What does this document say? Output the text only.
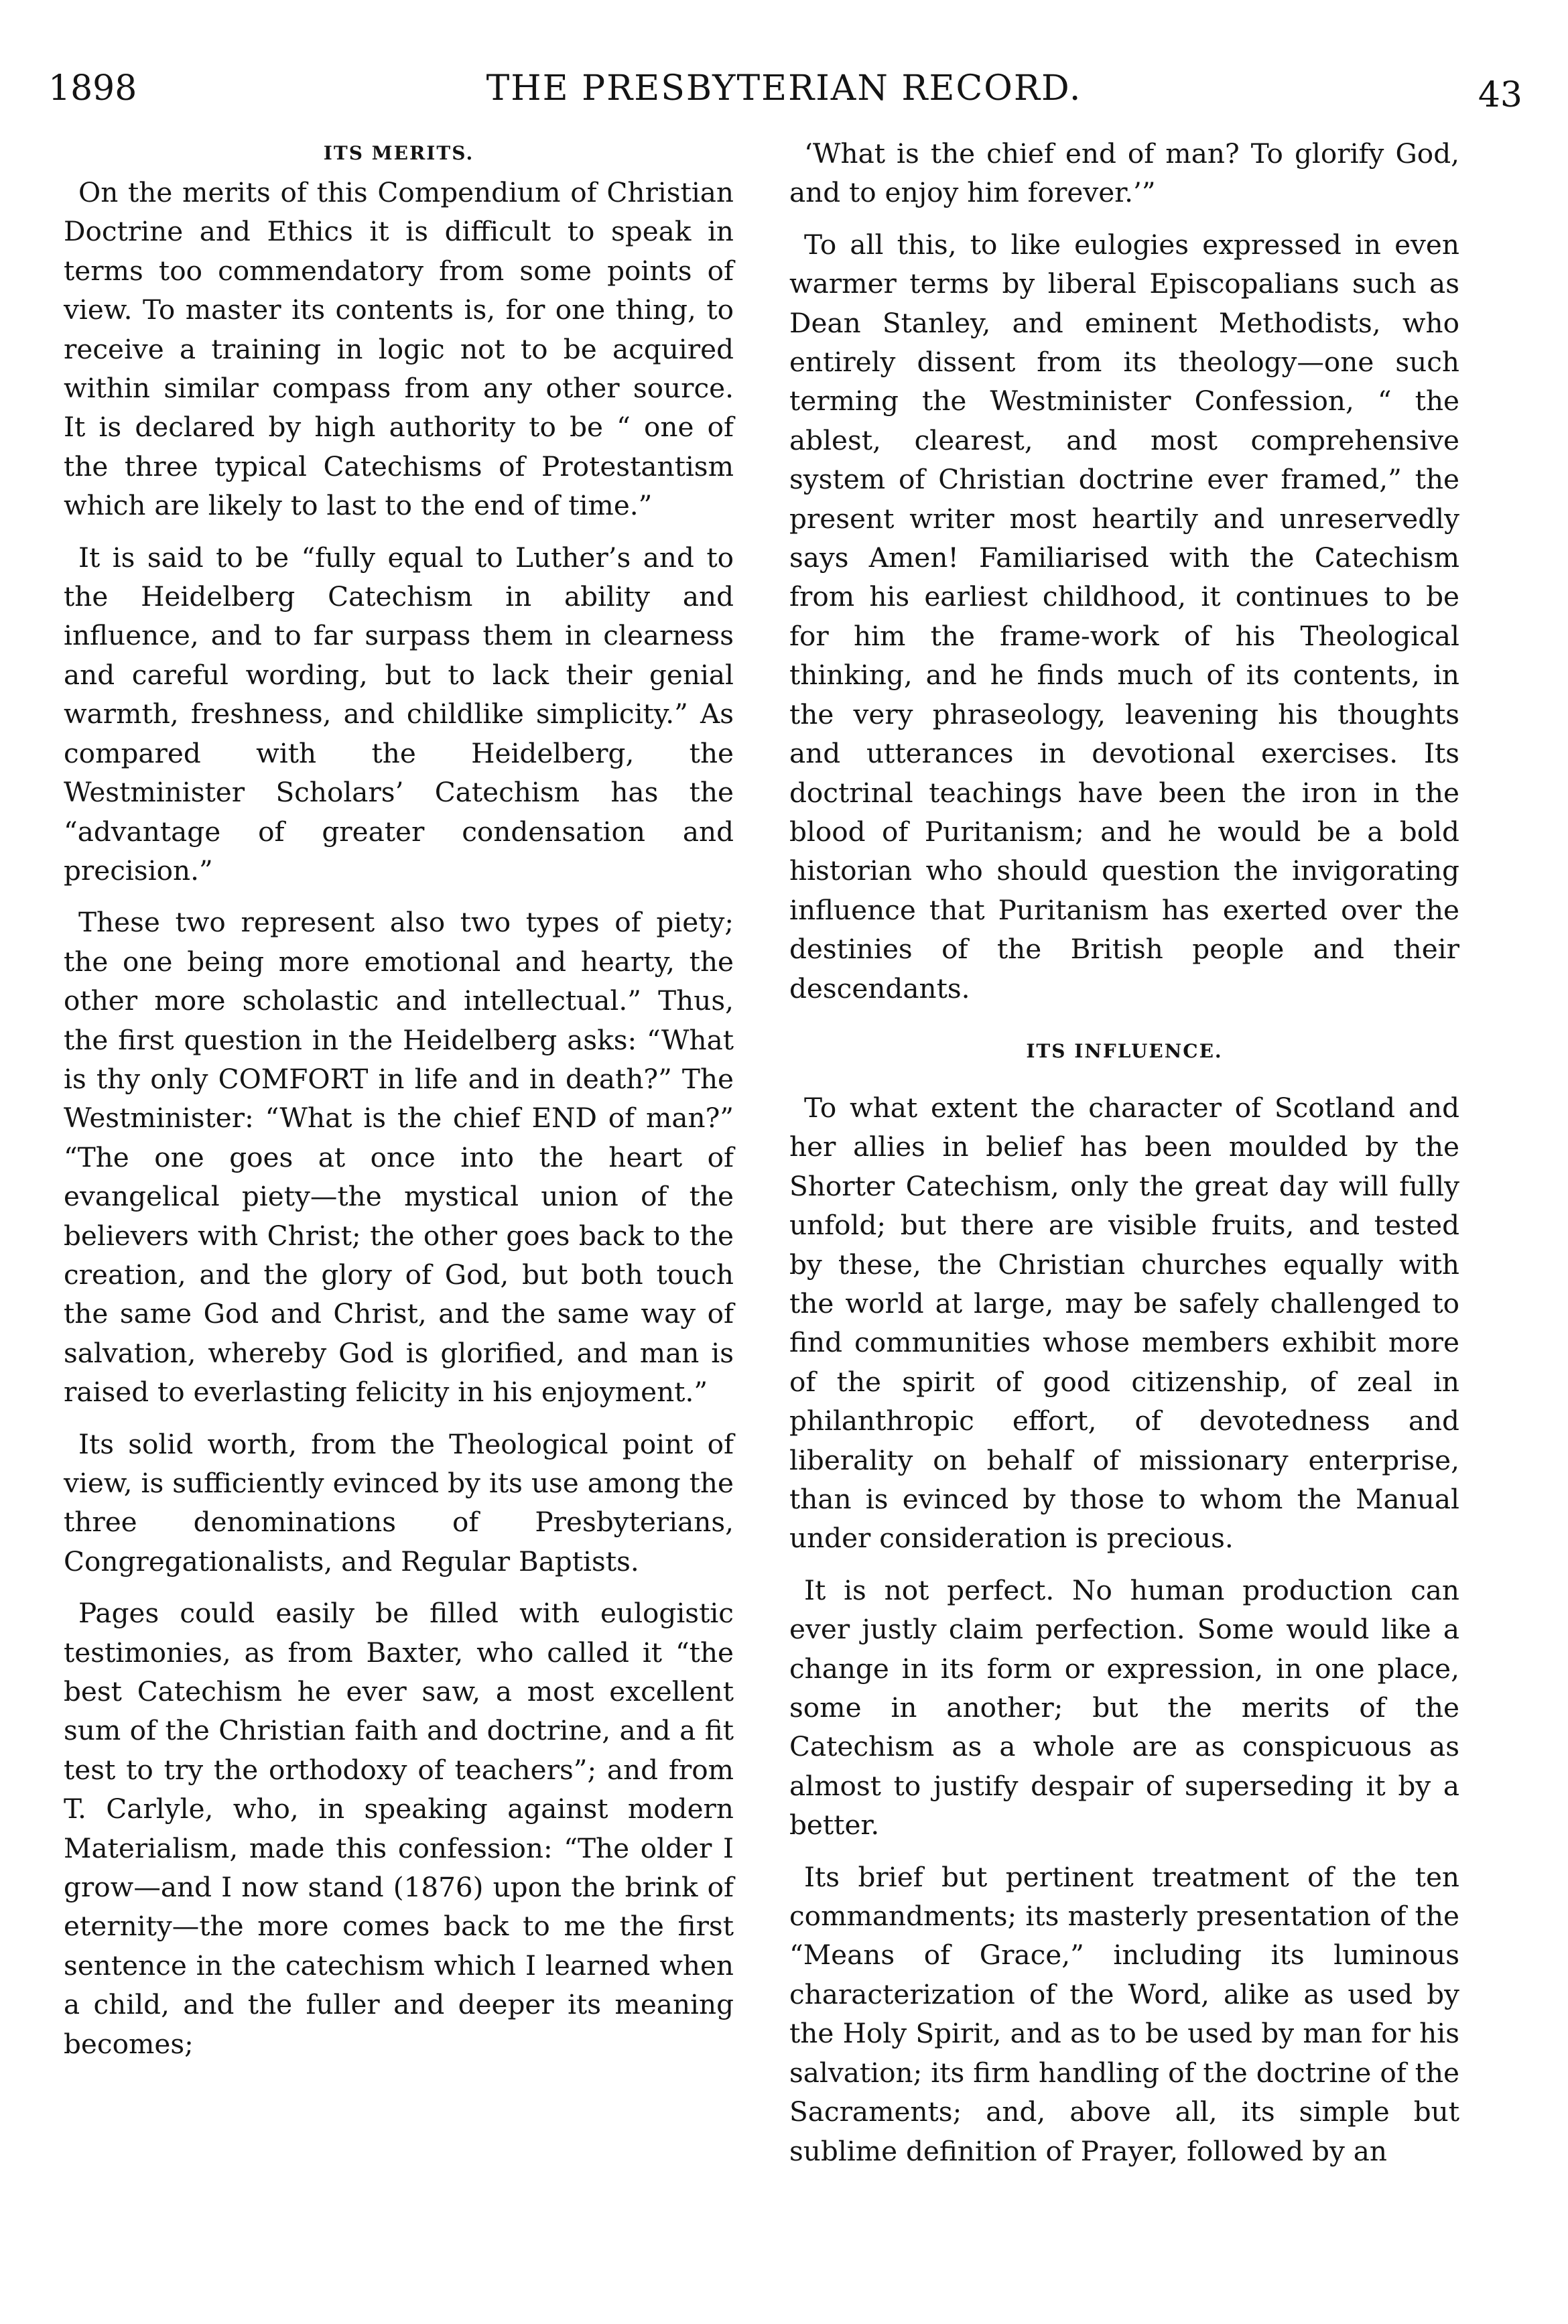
1898	THE PRESBYTERIAN RECORD.	43
ITS MERITS.

On the merits of this Compendium of Christian Doctrine and Ethics it is difficult to speak in terms too commendatory from some points of view. To master its contents is, for one thing, to receive a training in logic not to be acquired within similar compass from any other source. It is declared by high authority to be “ one of the three typical Catechisms of Protestantism which are likely to last to the end of time.”

It is said to be “fully equal to Luther’s and to the Heidelberg Catechism in ability and influence, and to far surpass them in clearness and careful wording, but to lack their genial warmth, freshness, and childlike simplicity.” As compared with the Heidelberg, the Westminister Scholars’ Catechism has the “advantage of greater condensation and precision.”

These two represent also two types of piety; the one being more emotional and hearty, the other more scholastic and intellectual.” Thus, the first question in the Heidelberg asks: “What is thy only COMFORT in life and in death?” The Westminister: “What is the chief END of man?” “The one goes at once into the heart of evangelical piety—the mystical union of the believers with Christ; the other goes back to the creation, and the glory of God, but both touch the same God and Christ, and the same way of salvation, whereby God is glorified, and man is raised to everlasting felicity in his enjoyment.”

Its solid worth, from the Theological point of view, is sufficiently evinced by its use among the three denominations of Presbyterians, Congregationalists, and Regular Baptists.

Pages could easily be filled with eulogistic testimonies, as from Baxter, who called it “the best Catechism he ever saw, a most excellent sum of the Christian faith and doctrine, and a fit test to try the orthodoxy of teachers”; and from T. Carlyle, who, in speaking against modern Materialism, made this confession: “The older I grow—and I now stand (1876) upon the brink of eternity—the more comes back to me the first sentence in the catechism which I learned when a child, and the fuller and deeper its meaning becomes;

‘What is the chief end of man? To glorify God, and to enjoy him forever.’”

To all this, to like eulogies expressed in even warmer terms by liberal Episcopalians such as Dean Stanley, and eminent Methodists, who entirely dissent from its theology—one such terming the Westminister Confession, “ the ablest, clearest, and most comprehensive system of Christian doctrine ever framed,” the present writer most heartily and unreservedly says Amen! Familiarised with the Catechism from his earliest childhood, it continues to be for him the frame-work of his Theological thinking, and he finds much of its contents, in the very phraseology, leavening his thoughts and utterances in devotional exercises. Its doctrinal teachings have been the iron in the blood of Puritanism; and he would be a bold historian who should question the invigorating influence that Puritanism has exerted over the destinies of the British people and their descendants.

ITS INFLUENCE.

To what extent the character of Scotland and her allies in belief has been moulded by the Shorter Catechism, only the great day will fully unfold; but there are visible fruits, and tested by these, the Christian churches equally with the world at large, may be safely challenged to find communities whose members exhibit more of the spirit of good citizenship, of zeal in philanthropic effort, of devotedness and liberality on behalf of missionary enterprise, than is evinced by those to whom the Manual under consideration is precious.

It is not perfect. No human production can ever justly claim perfection. Some would like a change in its form or expression, in one place, some in another; but the merits of the Catechism as a whole are as conspicuous as almost to justify despair of superseding it by a better.

Its brief but pertinent treatment of the ten commandments; its masterly presentation of the “Means of Grace,” including its luminous characterization of the Word, alike as used by the Holy Spirit, and as to be used by man for his salvation; its firm handling of the doctrine of the Sacraments; and, above all, its simple but sublime definition of Prayer, followed by an
